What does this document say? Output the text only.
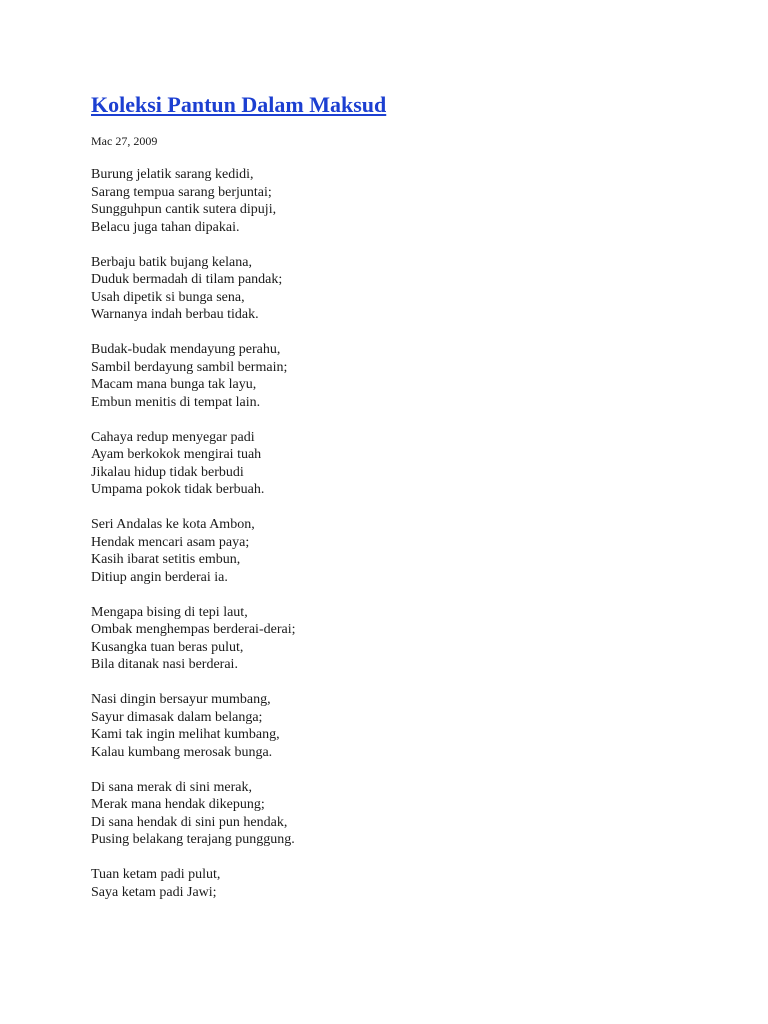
Koleksi Pantun Dalam Maksud
Mac 27, 2009
Burung jelatik sarang kedidi,
Sarang tempua sarang berjuntai;
Sungguhpun cantik sutera dipuji,
Belacu juga tahan dipakai.
Berbaju batik bujang kelana,
Duduk bermadah di tilam pandak;
Usah dipetik si bunga sena,
Warnanya indah berbau tidak.
Budak-budak mendayung perahu,
Sambil berdayung sambil bermain;
Macam mana bunga tak layu,
Embun menitis di tempat lain.
Cahaya redup menyegar padi
Ayam berkokok mengirai tuah
Jikalau hidup tidak berbudi
Umpama pokok tidak berbuah.
Seri Andalas ke kota Ambon,
Hendak mencari asam paya;
Kasih ibarat setitis embun,
Ditiup angin berderai ia.
Mengapa bising di tepi laut,
Ombak menghempas berderai-derai;
Kusangka tuan beras pulut,
Bila ditanak nasi berderai.
Nasi dingin bersayur mumbang,
Sayur dimasak dalam belanga;
Kami tak ingin melihat kumbang,
Kalau kumbang merosak bunga.
Di sana merak di sini merak,
Merak mana hendak dikepung;
Di sana hendak di sini pun hendak,
Pusing belakang terajang punggung.
Tuan ketam padi pulut,
Saya ketam padi Jawi;
